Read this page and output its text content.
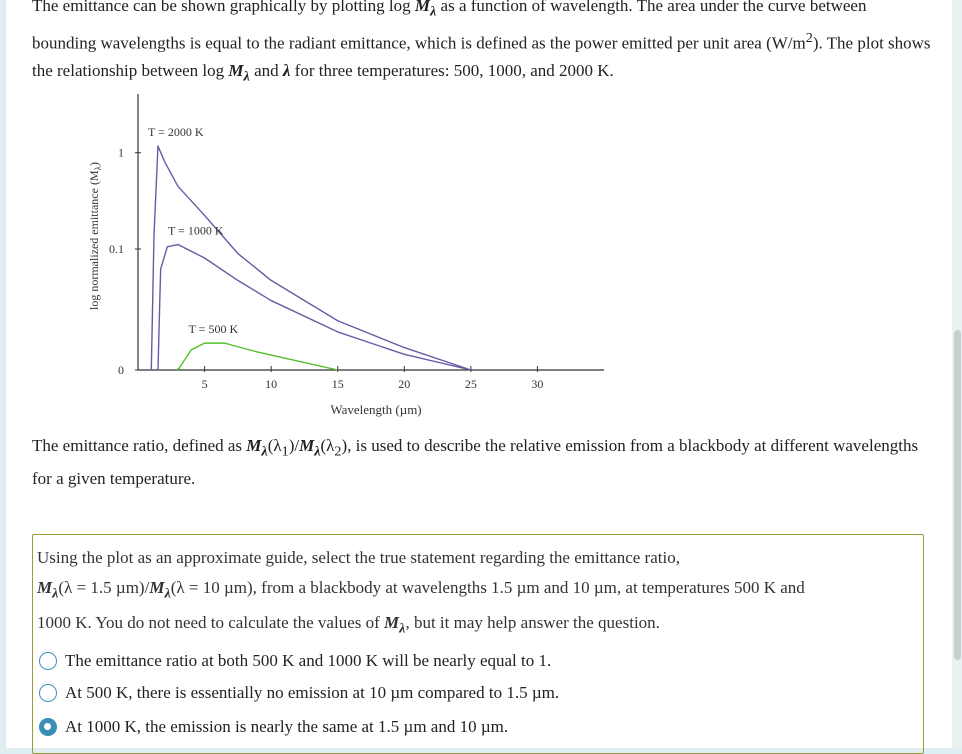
The emittance can be shown graphically by plotting $\log M_\lambda$ as a function of wavelength. The area under the curve between bounding wavelengths is equal to the radiant emittance, which is defined as the power emitted per unit area $(W/m^2)$. The plot shows the relationship between $\log M_\lambda$ and λ for three temperatures: 500, 1000, and 2000 K.

log normalized emittance $(M_\lambda)$
Wavelength (µm)
0
0.1
1
5	10	15	20	25	30
T = 2000 K
T = 1000 K
T = 500 K

The emittance ratio, defined as $M_\lambda(\lambda_1)/M_\lambda(\lambda_2)$, is used to describe the relative emission from a blackbody at different wavelengths for a given temperature.

Using the plot as an approximate guide, select the true statement regarding the emittance ratio,
$M_\lambda(\lambda = 1.5$ $\mu m)/M_\lambda(\lambda = 10$ µm), from a blackbody at wavelengths 1.5 µm and 10 µm, at temperatures 500 K and
1000 K. You do not need to calculate the values of $M_\lambda$, but it may help answer the question.

The emittance ratio at both 500 K and 1000 K will be nearly equal to 1.
At 500 K, there is essentially no emission at 10 µm compared to 1.5 µm.
At 1000 K, the emission is nearly the same at 1.5 µm and 10 µm.
